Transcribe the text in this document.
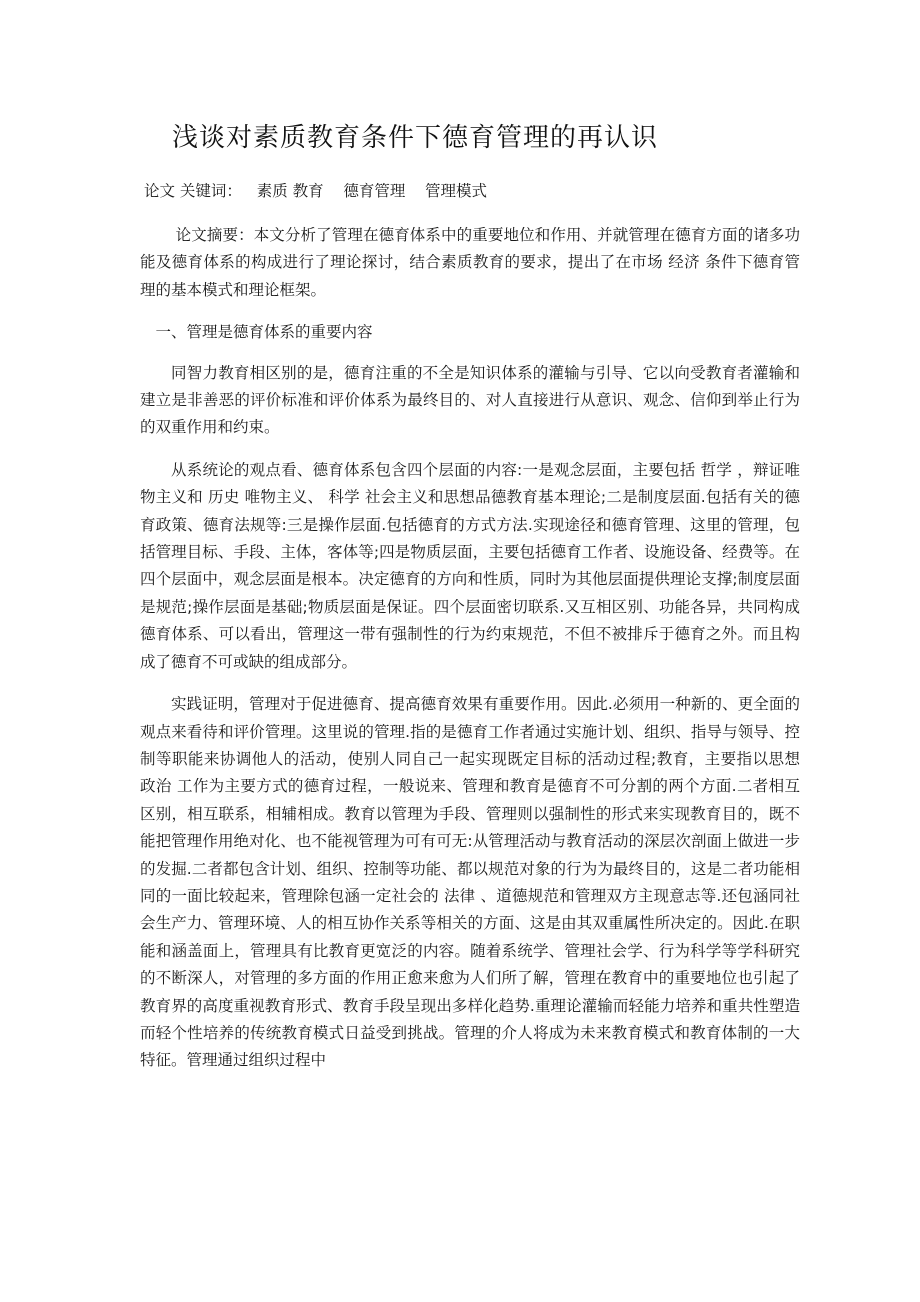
浅谈对素质教育条件下德育管理的再认识
论文 关键词：   素质 教育    德育管理    管理模式

论文摘要：本文分析了管理在德育体系中的重要地位和作用、并就管理在德育方面的诸多功能及德育体系的构成进行了理论探讨，结合素质教育的要求，提出了在市场 经济 条件下德育管理的基本模式和理论框架。

一、管理是德育体系的重要内容

同智力教育相区别的是，德育注重的不全是知识体系的灌输与引导、它以向受教育者灌输和建立是非善恶的评价标准和评价体系为最终目的、对人直接进行从意识、观念、信仰到举止行为的双重作用和约束。

从系统论的观点看、德育体系包含四个层面的内容:一是观念层面，主要包括 哲学 ，辩证唯物主义和 历史 唯物主义、 科学 社会主义和思想品德教育基本理论;二是制度层面.包括有关的德育政策、德育法规等:三是操作层面.包括德育的方式方法.实现途径和德育管理、这里的管理，包括管理目标、手段、主体，客体等;四是物质层面，主要包括德育工作者、设施设备、经费等。在四个层面中，观念层面是根本。决定德育的方向和性质，同时为其他层面提供理论支撑;制度层面是规范;操作层面是基础;物质层面是保证。四个层面密切联系.又互相区别、功能各异，共同构成德育体系、可以看出，管理这一带有强制性的行为约束规范，不但不被排斥于德育之外。而且构成了德育不可或缺的组成部分。

实践证明，管理对于促进德育、提高德育效果有重要作用。因此.必须用一种新的、更全面的观点来看待和评价管理。这里说的管理.指的是德育工作者通过实施计划、组织、指导与领导、控制等职能来协调他人的活动，使别人同自己一起实现既定目标的活动过程;教育，主要指以思想 政治 工作为主要方式的德育过程，一般说来、管理和教育是德育不可分割的两个方面.二者相互区别，相互联系，相辅相成。教育以管理为手段、管理则以强制性的形式来实现教育目的，既不能把管理作用绝对化、也不能视管理为可有可无:从管理活动与教育活动的深层次剖面上做进一步的发掘.二者都包含计划、组织、控制等功能、都以规范对象的行为为最终目的，这是二者功能相同的一面比较起来，管理除包涵一定社会的 法律 、道德规范和管理双方主现意志等.还包涵同社会生产力、管理环境、人的相互协作关系等相关的方面、这是由其双重属性所决定的。因此.在职能和涵盖面上，管理具有比教育更宽泛的内容。随着系统学、管理社会学、行为科学等学科研究的不断深人，对管理的多方面的作用正愈来愈为人们所了解，管理在教育中的重要地位也引起了教育界的高度重视教育形式、教育手段呈现出多样化趋势.重理论灌输而轻能力培养和重共性塑造而轻个性培养的传统教育模式日益受到挑战。管理的介人将成为未来教育模式和教育体制的一大特征。管理通过组织过程中
